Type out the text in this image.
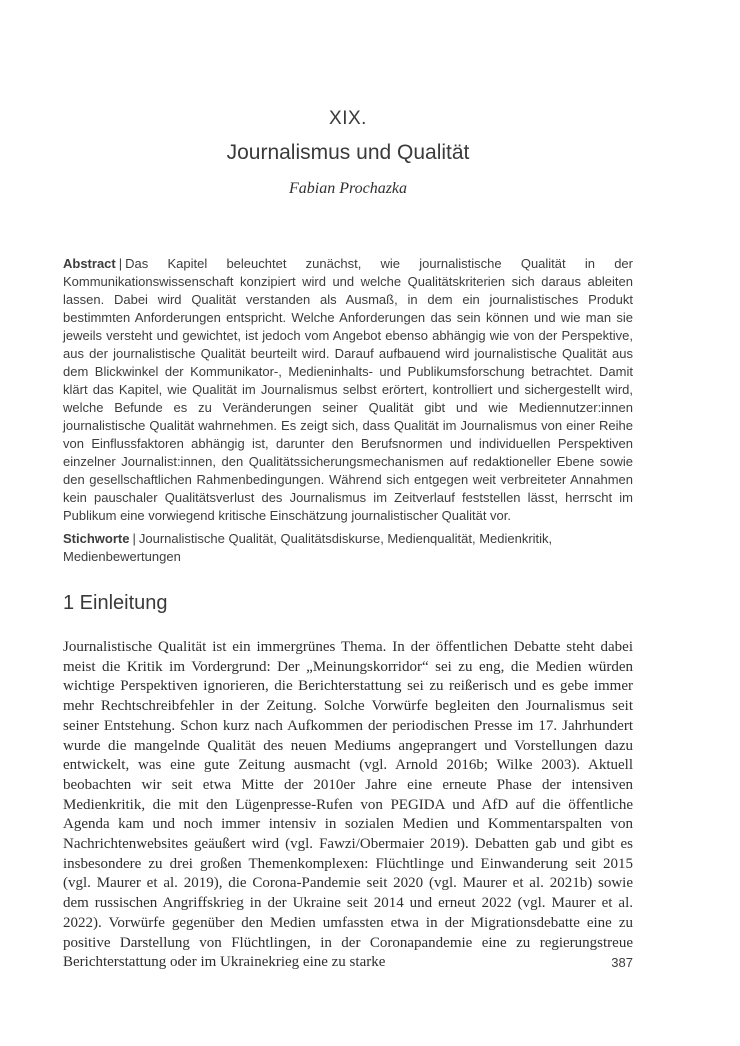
XIX.
Journalismus und Qualität
Fabian Prochazka

Abstract | Das Kapitel beleuchtet zunächst, wie journalistische Qualität in der Kommunikationswissenschaft konzipiert wird und welche Qualitätskriterien sich daraus ableiten lassen. Dabei wird Qualität verstanden als Ausmaß, in dem ein journalistisches Produkt bestimmten Anforderungen entspricht. Welche Anforderungen das sein können und wie man sie jeweils versteht und gewichtet, ist jedoch vom Angebot ebenso abhängig wie von der Perspektive, aus der journalistische Qualität beurteilt wird. Darauf aufbauend wird journalistische Qualität aus dem Blickwinkel der Kommunikator-, Medieninhalts- und Publikumsforschung betrachtet. Damit klärt das Kapitel, wie Qualität im Journalismus selbst erörtert, kontrolliert und sichergestellt wird, welche Befunde es zu Veränderungen seiner Qualität gibt und wie Mediennutzer:innen journalistische Qualität wahrnehmen. Es zeigt sich, dass Qualität im Journalismus von einer Reihe von Einflussfaktoren abhängig ist, darunter den Berufsnormen und individuellen Perspektiven einzelner Journalist:innen, den Qualitätssicherungsmechanismen auf redaktioneller Ebene sowie den gesellschaftlichen Rahmenbedingungen. Während sich entgegen weit verbreiteter Annahmen kein pauschaler Qualitätsverlust des Journalismus im Zeitverlauf feststellen lässt, herrscht im Publikum eine vorwiegend kritische Einschätzung journalistischer Qualität vor.

Stichworte | Journalistische Qualität, Qualitätsdiskurse, Medienqualität, Medienkritik, Medienbewertungen

1 Einleitung

Journalistische Qualität ist ein immergrünes Thema. In der öffentlichen Debatte steht dabei meist die Kritik im Vordergrund: Der „Meinungskorridor“ sei zu eng, die Medien würden wichtige Perspektiven ignorieren, die Berichterstattung sei zu reißerisch und es gebe immer mehr Rechtschreibfehler in der Zeitung. Solche Vorwürfe begleiten den Journalismus seit seiner Entstehung. Schon kurz nach Aufkommen der periodischen Presse im 17. Jahrhundert wurde die mangelnde Qualität des neuen Mediums angeprangert und Vorstellungen dazu entwickelt, was eine gute Zeitung ausmacht (vgl. Arnold 2016b; Wilke 2003). Aktuell beobachten wir seit etwa Mitte der 2010er Jahre eine erneute Phase der intensiven Medienkritik, die mit den Lügenpresse-Rufen von PEGIDA und AfD auf die öffentliche Agenda kam und noch immer intensiv in sozialen Medien und Kommentarspalten von Nachrichtenwebsites geäußert wird (vgl. Fawzi/Obermaier 2019). Debatten gab und gibt es insbesondere zu drei großen Themenkomplexen: Flüchtlinge und Einwanderung seit 2015 (vgl. Maurer et al. 2019), die Corona-Pandemie seit 2020 (vgl. Maurer et al. 2021b) sowie dem russischen Angriffskrieg in der Ukraine seit 2014 und erneut 2022 (vgl. Maurer et al. 2022). Vorwürfe gegenüber den Medien umfassten etwa in der Migrationsdebatte eine zu positive Darstellung von Flüchtlingen, in der Coronapandemie eine zu regierungstreue Berichterstattung oder im Ukrainekrieg eine zu starke	387
